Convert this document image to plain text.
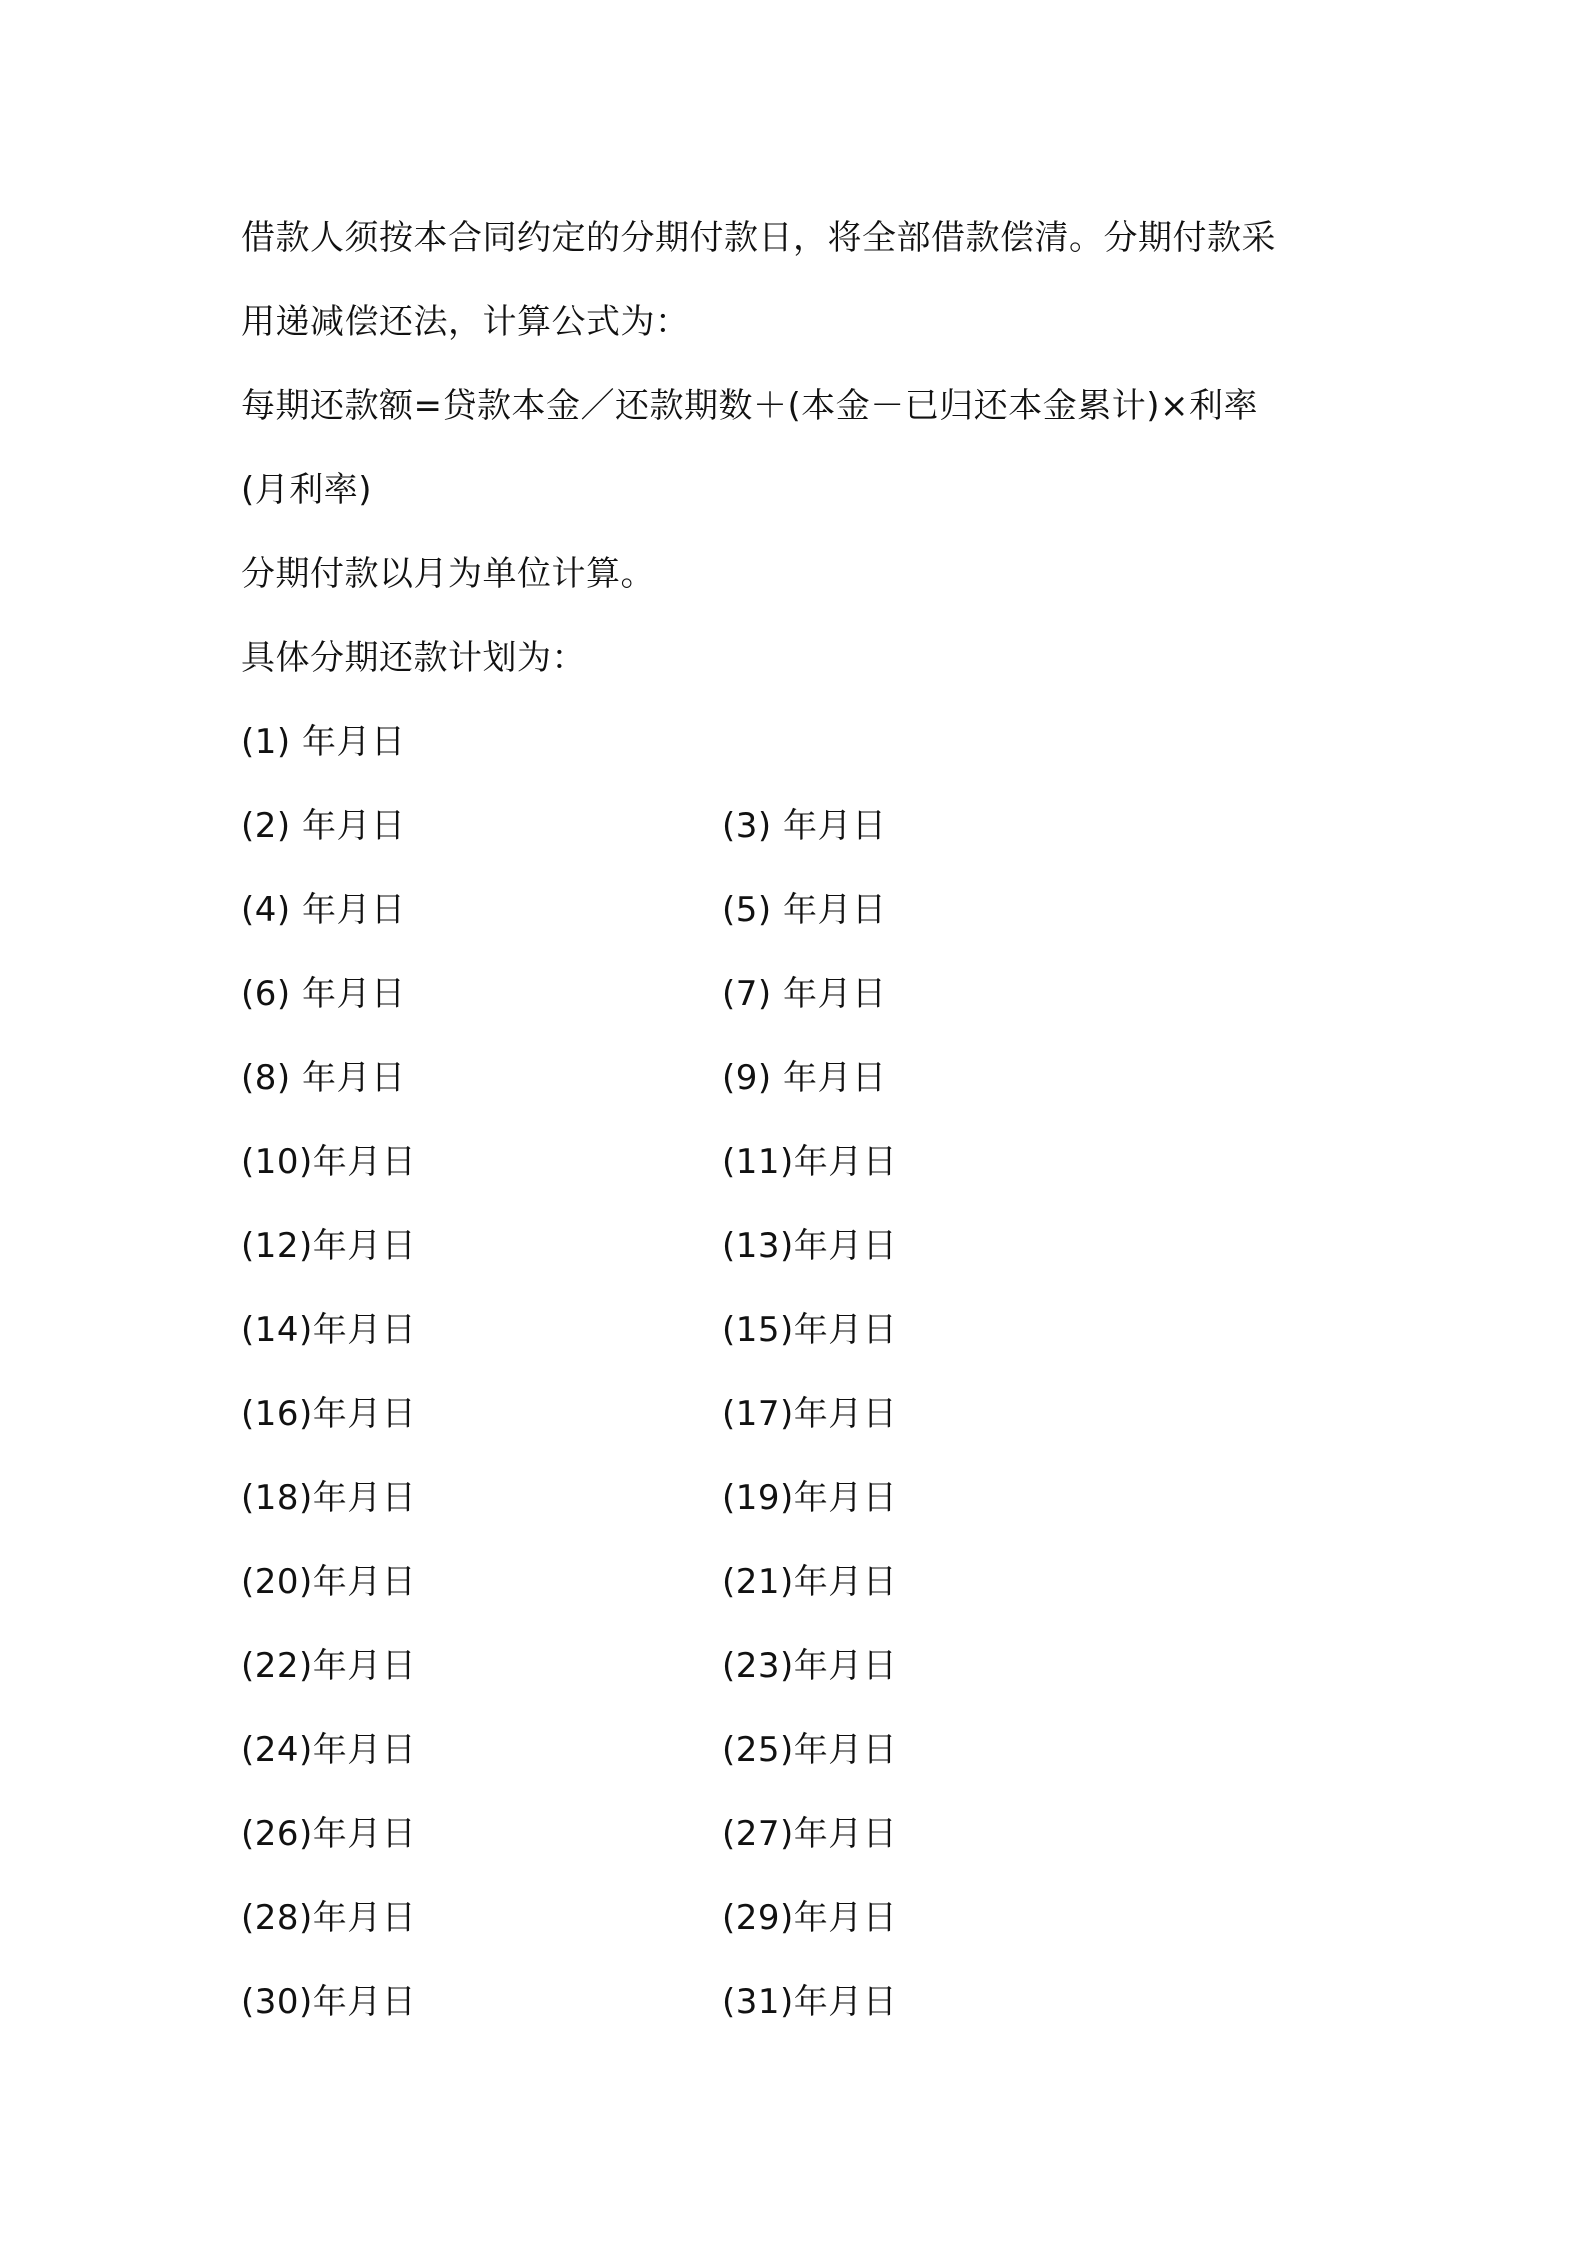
借款人须按本合同约定的分期付款日，将全部借款偿清。分期付款采
用递减偿还法，计算公式为：
每期还款额=贷款本金／还款期数＋(本金－已归还本金累计)×利率
(月利率)
分期付款以月为单位计算。
具体分期还款计划为：
(1) 年月日
(2) 年月日	(3) 年月日
(4) 年月日	(5) 年月日
(6) 年月日	(7) 年月日
(8) 年月日	(9) 年月日
(10)年月日	(11)年月日
(12)年月日	(13)年月日
(14)年月日	(15)年月日
(16)年月日	(17)年月日
(18)年月日	(19)年月日
(20)年月日	(21)年月日
(22)年月日	(23)年月日
(24)年月日	(25)年月日
(26)年月日	(27)年月日
(28)年月日	(29)年月日
(30)年月日	(31)年月日
